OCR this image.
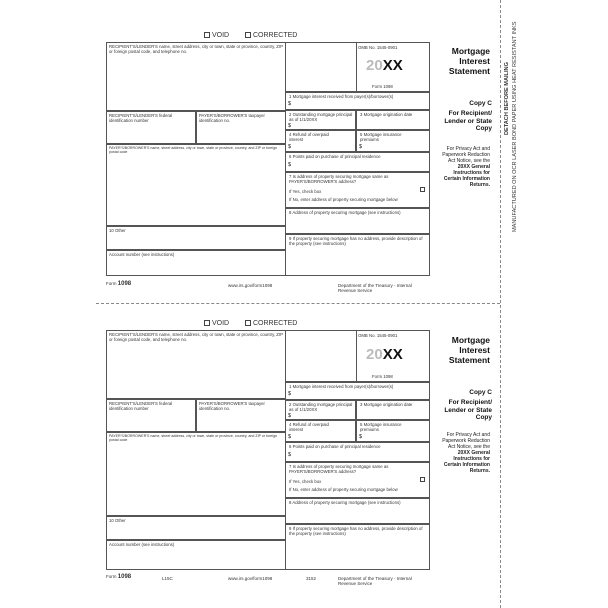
VOID	CORRECTED
RECIPIENT'S/LENDER'S name, street address, city or town, state or province, country, ZIP or foreign postal code, and telephone no.
RECIPIENT'S/LENDER'S federal identification number
PAYER'S/BORROWER'S taxpayer identification no.
PAYER'S/BORROWER'S name, street address, city or town, state or province, country, and ZIP or foreign postal code
10 Other
Account number (see instructions)
OMB No. 1545-0901
20XX
Form 1098
1 Mortgage interest received from payer(s)/borrower(s)
$
2 Outstanding mortgage principal as of 1/1/20XX
$
3 Mortgage origination date
4 Refund of overpaid interest
$
5 Mortgage insurance premiums
$
6 Points paid on purchase of principal residence
$
7 Is address of property securing mortgage same as PAYER'S/BORROWER'S address?
If Yes, check box
If No, enter address of property securing mortgage below
8 Address of property securing mortgage (see instructions)
9 If property securing mortgage has no address, provide description of the property (see instructions)
Form 1098	www.irs.gov/form1098	Department of the Treasury - Internal Revenue Service
Mortgage Interest Statement
Copy C
For Recipient/ Lender or State Copy
For Privacy Act and Paperwork Reduction Act Notice, see the 20XX General Instructions for Certain Information Returns.
VOID	CORRECTED
RECIPIENT'S/LENDER'S name, street address, city or town, state or province, country, ZIP or foreign postal code, and telephone no.
RECIPIENT'S/LENDER'S federal identification number
PAYER'S/BORROWER'S taxpayer identification no.
PAYER'S/BORROWER'S name, street address, city or town, state or province, country, and ZIP or foreign postal code
10 Other
Account number (see instructions)
OMB No. 1545-0901
20XX
Form 1098
1 Mortgage interest received from payer(s)/borrower(s)
$
2 Outstanding mortgage principal as of 1/1/20XX
$
3 Mortgage origination date
4 Refund of overpaid interest
$
5 Mortgage insurance premiums
$
6 Points paid on purchase of principal residence
$
7 Is address of property securing mortgage same as PAYER'S/BORROWER'S address?
If Yes, check box
If No, enter address of property securing mortgage below
8 Address of property securing mortgage (see instructions)
9 If property securing mortgage has no address, provide description of the property (see instructions)
Form 1098	L15C	www.irs.gov/form1098	3152	Department of the Treasury - Internal Revenue Service
Mortgage Interest Statement
Copy C
For Recipient/ Lender or State Copy
For Privacy Act and Paperwork Reduction Act Notice, see the 20XX General Instructions for Certain Information Returns.
DETACH BEFORE MAILING MANUFACTURED ON OCR LASER BOND PAPER USING HEAT RESISTANT INKS
